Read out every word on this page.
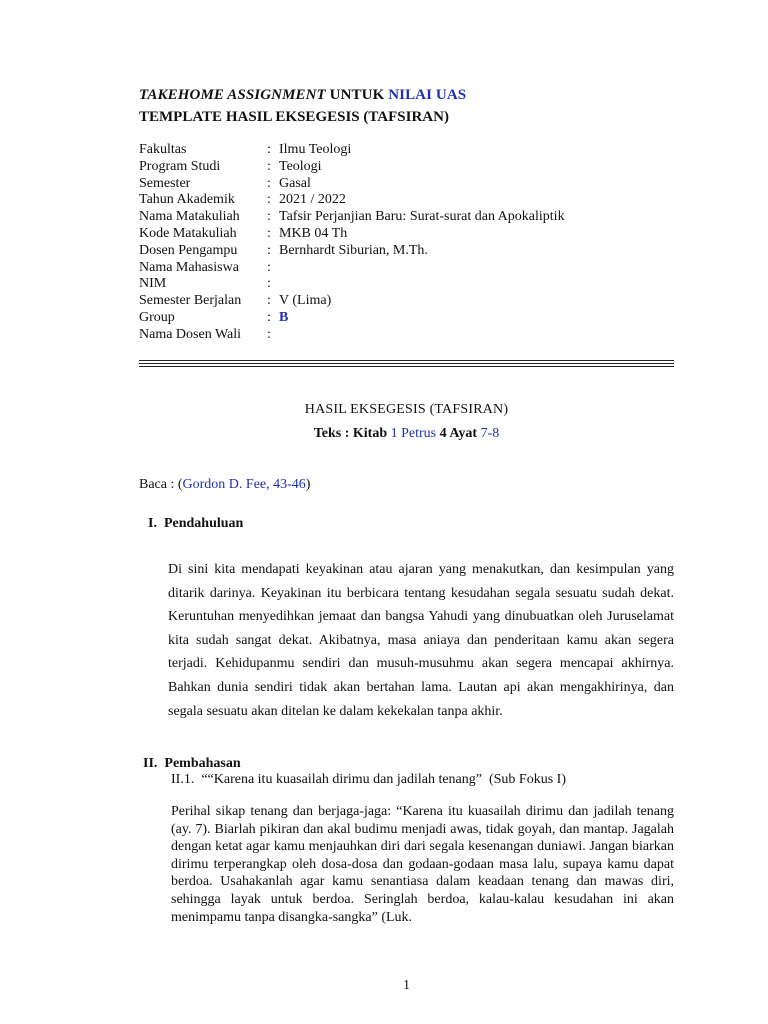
TAKEHOME ASSIGNMENT UNTUK NILAI UAS
TEMPLATE HASIL EKSEGESIS (TAFSIRAN)
Fakultas	: Ilmu Teologi
Program Studi	: Teologi
Semester	: Gasal
Tahun Akademik	: 2021 / 2022
Nama Matakuliah	: Tafsir Perjanjian Baru: Surat-surat dan Apokaliptik
Kode Matakuliah	: MKB 04 Th
Dosen Pengampu	: Bernhardt Siburian, M.Th.
Nama Mahasiswa	:
NIM	:
Semester Berjalan	: V (Lima)
Group	: B
Nama Dosen Wali	:
HASIL EKSEGESIS (TAFSIRAN)
Teks : Kitab 1 Petrus 4 Ayat 7-8
Baca : (Gordon D. Fee, 43-46)
I.  Pendahuluan
Di sini kita mendapati keyakinan atau ajaran yang menakutkan, dan kesimpulan yang ditarik darinya. Keyakinan itu berbicara tentang kesudahan segala sesuatu sudah dekat. Keruntuhan menyedihkan jemaat dan bangsa Yahudi yang dinubuatkan oleh Juruselamat kita sudah sangat dekat. Akibatnya, masa aniaya dan penderitaan kamu akan segera terjadi. Kehidupanmu sendiri dan musuh-musuhmu akan segera mencapai akhirnya. Bahkan dunia sendiri tidak akan bertahan lama. Lautan api akan mengakhirinya, dan segala sesuatu akan ditelan ke dalam kekekalan tanpa akhir.
II.  Pembahasan
II.1.  ““Karena itu kuasailah dirimu dan jadilah tenang”  (Sub Fokus I)
Perihal sikap tenang dan berjaga-jaga: “Karena itu kuasailah dirimu dan jadilah tenang (ay. 7). Biarlah pikiran dan akal budimu menjadi awas, tidak goyah, dan mantap. Jagalah dengan ketat agar kamu menjauhkan diri dari segala kesenangan duniawi. Jangan biarkan dirimu terperangkap oleh dosa-dosa dan godaan-godaan masa lalu, supaya kamu dapat berdoa. Usahakanlah agar kamu senantiasa dalam keadaan tenang dan mawas diri, sehingga layak untuk berdoa. Seringlah berdoa, kalau-kalau kesudahan ini akan menimpamu tanpa disangka-sangka” (Luk.
1
